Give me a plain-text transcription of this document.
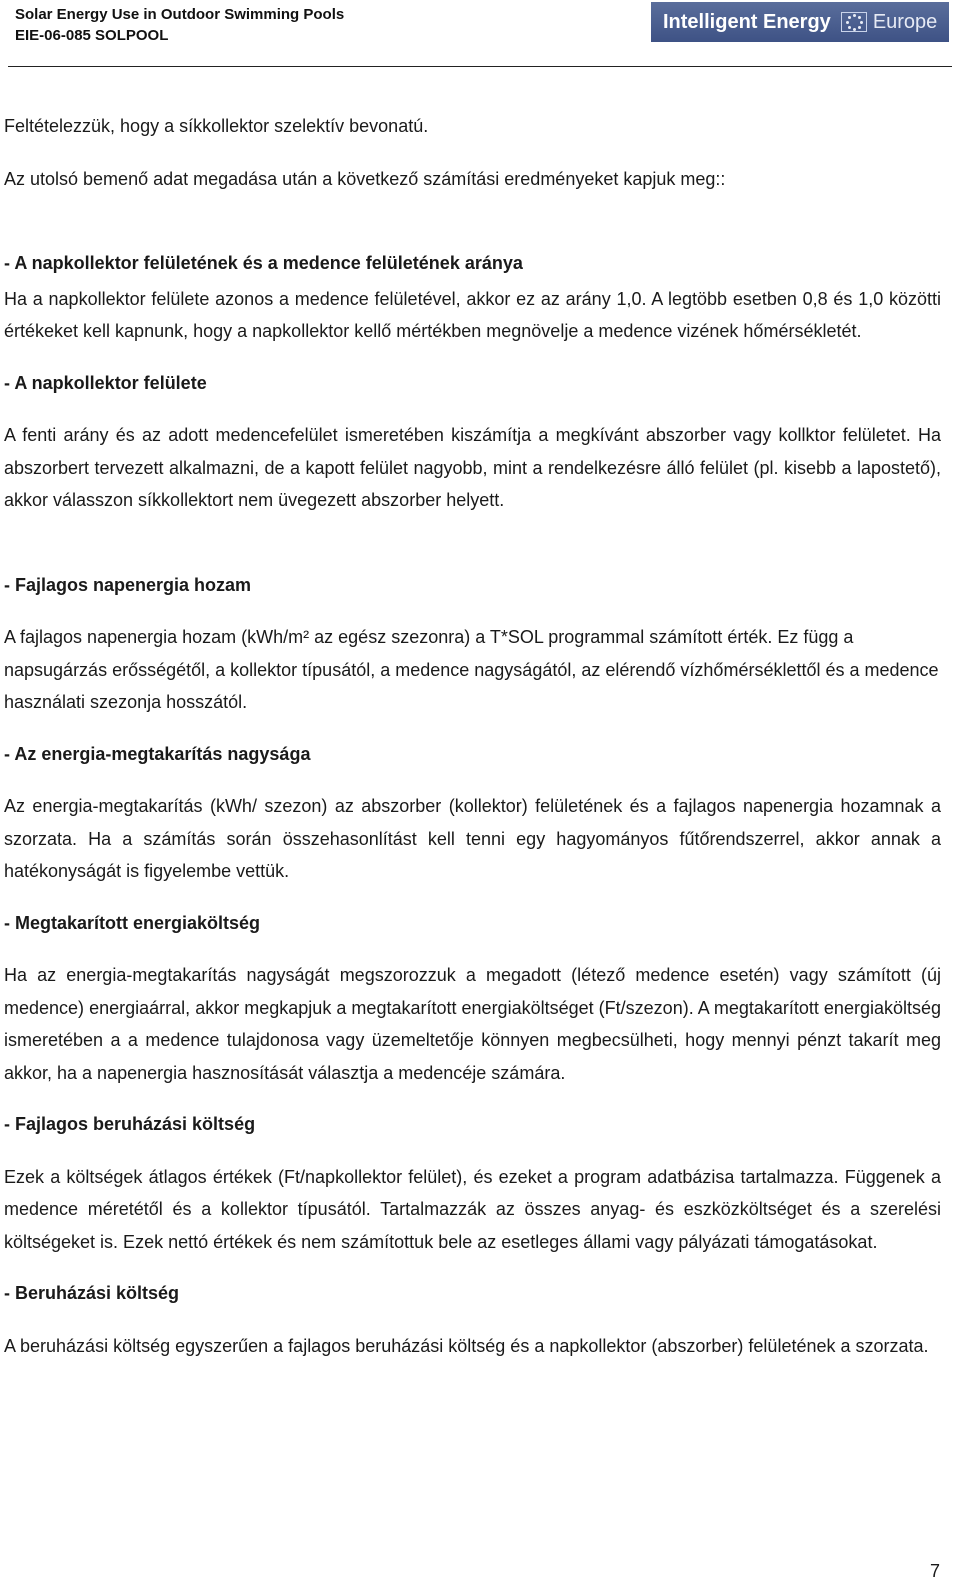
Solar Energy Use in Outdoor Swimming Pools
EIE-06-085 SOLPOOL
Intelligent Energy Europe

Feltételezzük, hogy a síkkollektor szelektív bevonatú.

Az utolsó bemenő adat megadása után a következő számítási eredményeket kapjuk meg::

- A napkollektor felületének és a medence felületének aránya

Ha a napkollektor felülete azonos a medence felületével, akkor ez az arány 1,0. A legtöbb esetben 0,8 és 1,0 közötti értékeket kell kapnunk, hogy a napkollektor kellő mértékben megnövelje a medence vizének hőmérsékletét.

- A napkollektor felülete

A fenti arány és az adott medencefelület ismeretében kiszámítja a megkívánt abszorber vagy kollktor felületet. Ha abszorbert tervezett alkalmazni, de a kapott felület nagyobb, mint a rendelkezésre álló felület (pl. kisebb a lapostető), akkor válasszon síkkollektort nem üvegezett abszorber helyett.

- Fajlagos napenergia hozam

A fajlagos napenergia hozam (kWh/m² az egész szezonra) a T*SOL programmal számított érték. Ez függ a napsugárzás erősségétől, a kollektor típusától, a medence nagyságától, az elérendő vízhőmérséklettől és a medence használati szezonja hosszától.

- Az energia-megtakarítás nagysága

Az energia-megtakarítás (kWh/ szezon) az abszorber (kollektor) felületének és a fajlagos napenergia hozamnak a szorzata. Ha a számítás során összehasonlítást kell tenni egy hagyományos fűtőrendszerrel, akkor annak a hatékonyságát is figyelembe vettük.

- Megtakarított energiaköltség

Ha az energia-megtakarítás nagyságát megszorozzuk a megadott (létező medence esetén) vagy számított (új medence) energiaárral, akkor megkapjuk a megtakarított energiaköltséget (Ft/szezon). A megtakarított energiaköltség ismeretében a a medence tulajdonosa vagy üzemeltetője könnyen megbecsülheti, hogy mennyi pénzt takarít meg akkor, ha a napenergia hasznosítását választja a medencéje számára.

- Fajlagos beruházási költség

Ezek a költségek átlagos értékek (Ft/napkollektor felület), és ezeket a program adatbázisa tartalmazza. Függenek a medence méretétől és a kollektor típusától. Tartalmazzák az összes anyag- és eszközköltséget és a szerelési költségeket is. Ezek nettó értékek és nem számítottuk bele az esetleges állami vagy pályázati támogatásokat.

- Beruházási költség

A beruházási költség egyszerűen a fajlagos beruházási költség és a napkollektor (abszorber) felületének a szorzata.

7
